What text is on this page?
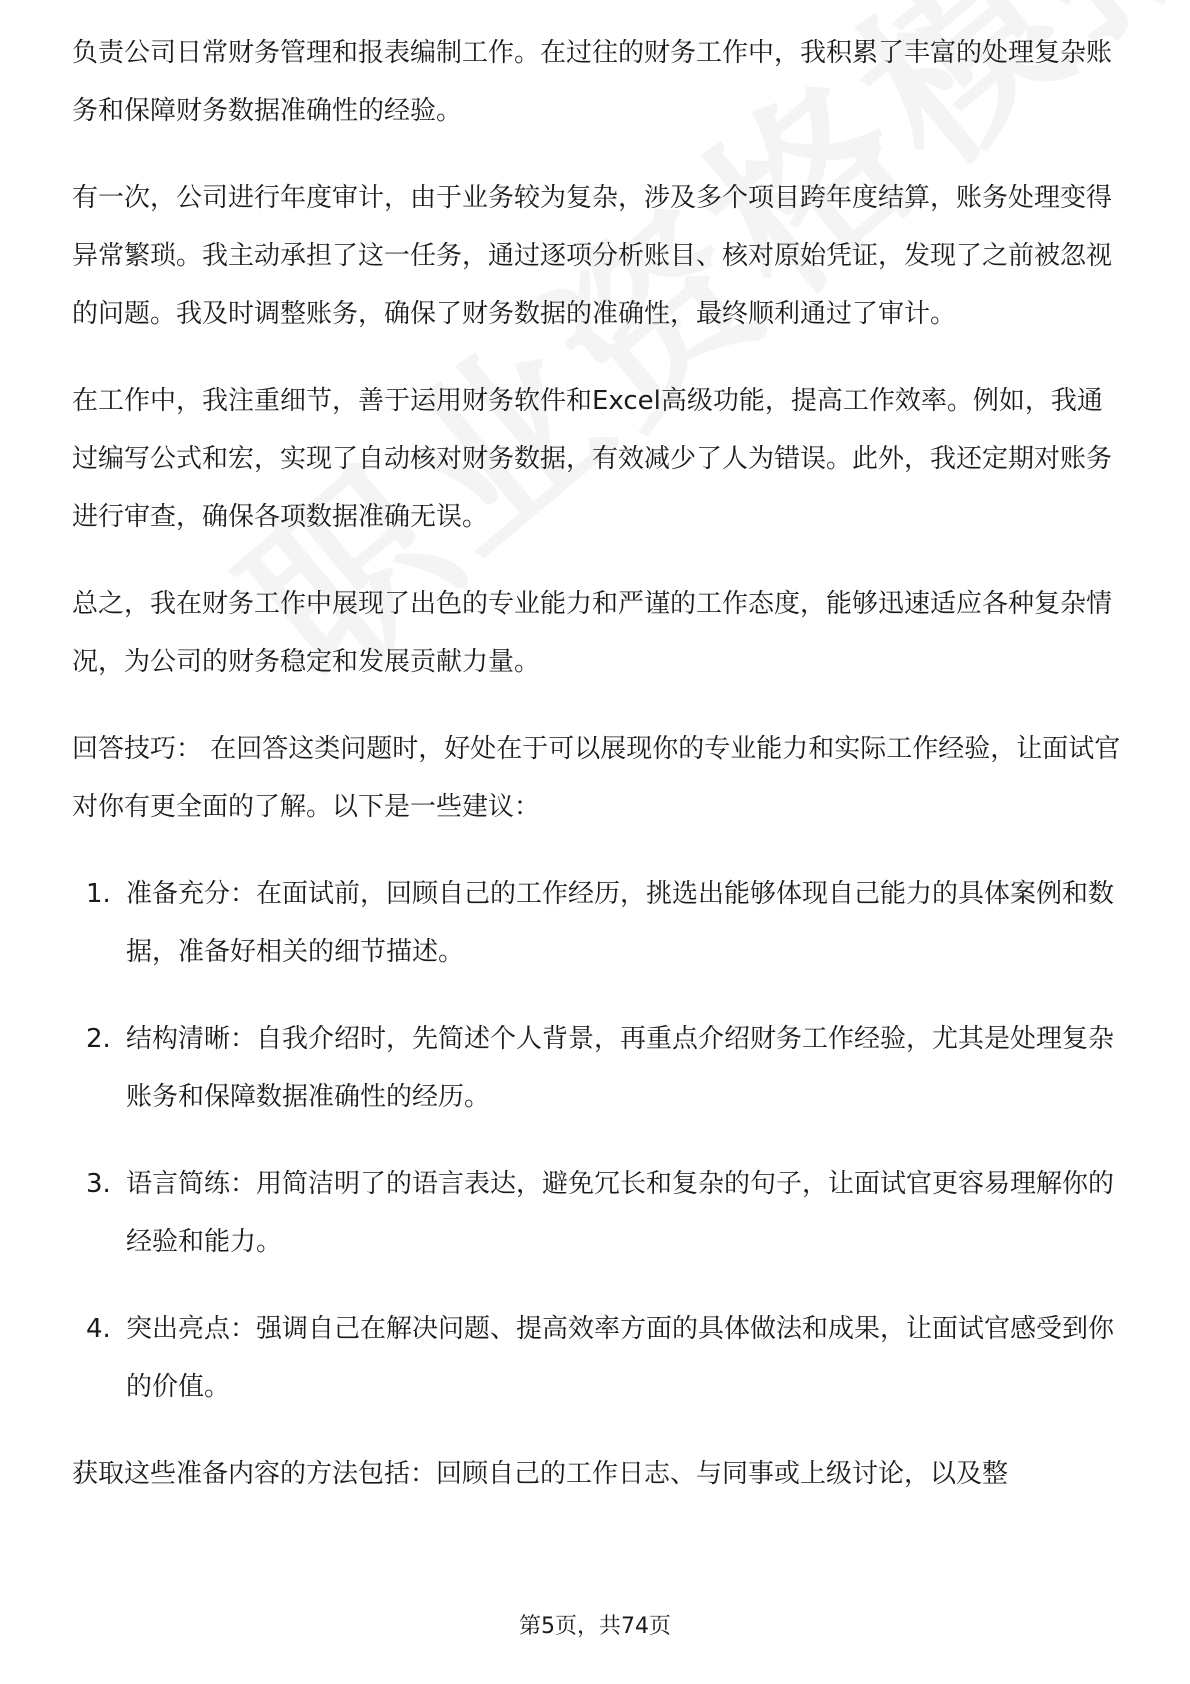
负责公司日常财务管理和报表编制工作。在过往的财务工作中，我积累了丰富的处理复杂账务和保障财务数据准确性的经验。

有一次，公司进行年度审计，由于业务较为复杂，涉及多个项目跨年度结算，账务处理变得异常繁琐。我主动承担了这一任务，通过逐项分析账目、核对原始凭证，发现了之前被忽视的问题。我及时调整账务，确保了财务数据的准确性，最终顺利通过了审计。

在工作中，我注重细节，善于运用财务软件和Excel高级功能，提高工作效率。例如，我通过编写公式和宏，实现了自动核对财务数据，有效减少了人为错误。此外，我还定期对账务进行审查，确保各项数据准确无误。

总之，我在财务工作中展现了出色的专业能力和严谨的工作态度，能够迅速适应各种复杂情况，为公司的财务稳定和发展贡献力量。

回答技巧： 在回答这类问题时，好处在于可以展现你的专业能力和实际工作经验，让面试官对你有更全面的了解。以下是一些建议：

1. 准备充分：在面试前，回顾自己的工作经历，挑选出能够体现自己能力的具体案例和数据，准备好相关的细节描述。
2. 结构清晰：自我介绍时，先简述个人背景，再重点介绍财务工作经验，尤其是处理复杂账务和保障数据准确性的经历。
3. 语言简练：用简洁明了的语言表达，避免冗长和复杂的句子，让面试官更容易理解你的经验和能力。
4. 突出亮点：强调自己在解决问题、提高效率方面的具体做法和成果，让面试官感受到你的价值。

获取这些准备内容的方法包括：回顾自己的工作日志、与同事或上级讨论，以及整

第5页，共74页
